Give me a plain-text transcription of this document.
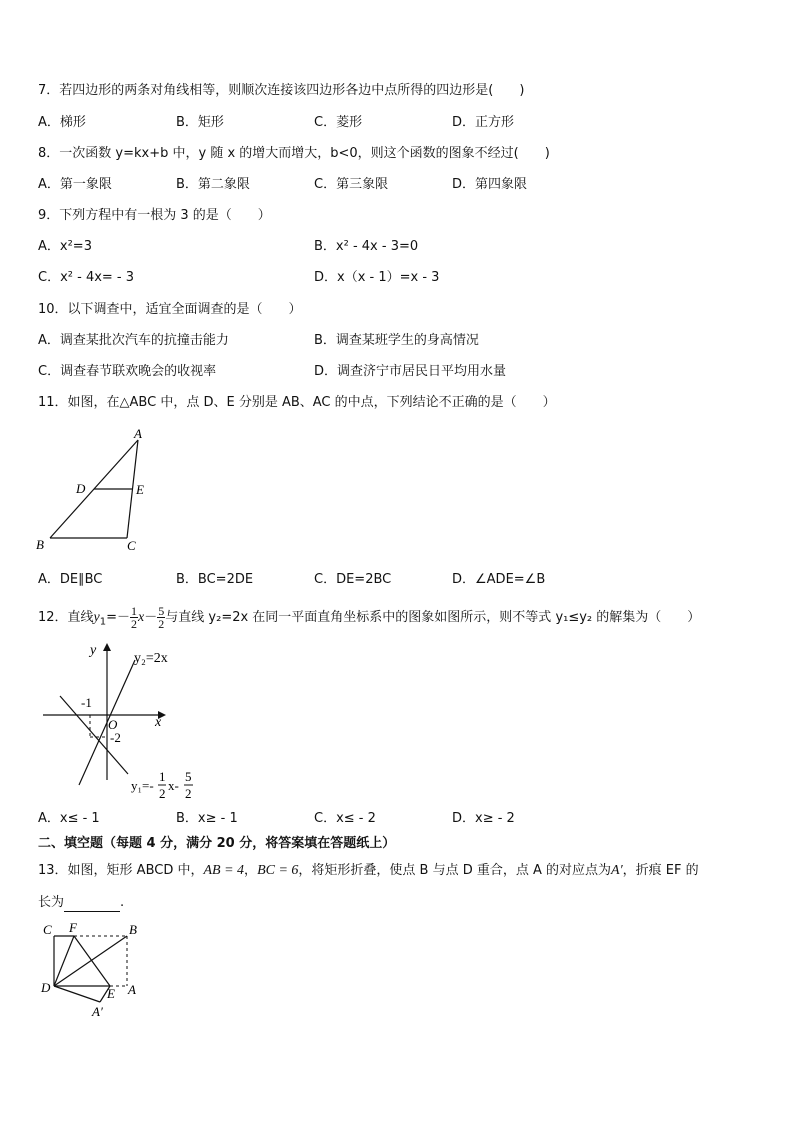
7．若四边形的两条对角线相等，则顺次连接该四边形各边中点所得的四边形是(　　)
A．梯形	B．矩形	C．菱形	D．正方形
8．一次函数 y=kx+b 中，y 随 x 的增大而增大，b<0，则这个函数的图象不经过(　　)
A．第一象限	B．第二象限	C．第三象限	D．第四象限
9．下列方程中有一根为 3 的是（　　）
A．x²=3	B．x² - 4x - 3=0
C．x² - 4x= - 3	D．x（x - 1）=x - 3
10．以下调查中，适宜全面调查的是（　　）
A．调查某批次汽车的抗撞击能力	B．调查某班学生的身高情况
C．调查春节联欢晚会的收视率	D．调查济宁市居民日平均用水量
11．如图，在△ABC 中，点 D、E 分别是 AB、AC 的中点，下列结论不正确的是（　　）
A
D	E
B	C
A．DE∥BC	B．BC=2DE	C．DE=2BC	D．∠ADE=∠B
12．直线$y_1=- \frac{1}{2} x- \frac{5}{2}$ 与直线 y₂=2x 在同一平面直角坐标系中的图象如图所示，则不等式 y₁≤y₂ 的解集为（　　）
y
x
O
-1
-2
y₂=2x
y₁=-
1
2
x-
5
2
A．x≤ - 1	B．x≥ - 1	C．x≤ - 2	D．x≥ - 2
二、填空题（每题 4 分，满分 20 分，将答案填在答题纸上）
13．如图，矩形 ABCD 中，AB = 4，BC = 6，将矩形折叠，使点 B 与点 D 重合，点 A 的对应点为A′，折痕 EF 的
长为	.
C F	B
D	E A
A′
